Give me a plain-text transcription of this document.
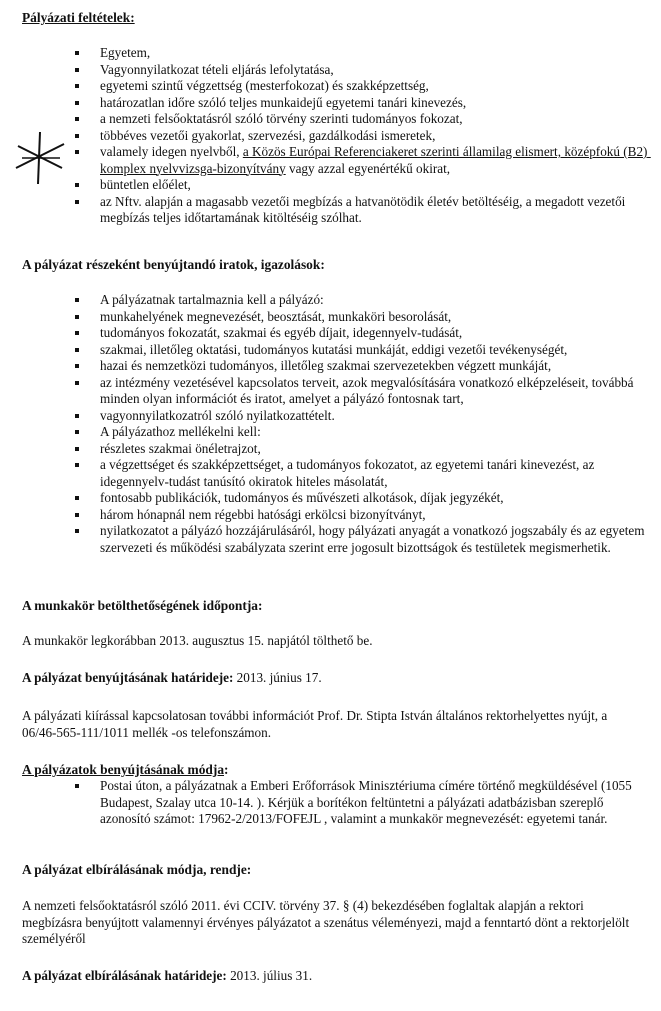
Pályázati feltételek:
Egyetem,
Vagyonnyilatkozat tételi eljárás lefolytatása,
egyetemi szintű végzettség (mesterfokozat) és szakképzettség,
határozatlan időre szóló teljes munkaidejű egyetemi tanári kinevezés,
a nemzeti felsőoktatásról szóló törvény szerinti tudományos fokozat,
többéves vezetői gyakorlat, szervezési, gazdálkodási ismeretek,
valamely idegen nyelvből, a Közös Európai Referenciakeret szerinti államilag elismert, középfokú (B2) komplex nyelvvizsga-bizonyítvány vagy azzal egyenértékű okirat,
büntetlen előélet,
az Nftv. alapján a magasabb vezetői megbízás a hatvanötödik életév betöltéséig, a megadott vezetői megbízás teljes időtartamának kitöltéséig szólhat.
A pályázat részeként benyújtandó iratok, igazolások:
A pályázatnak tartalmaznia kell a pályázó:
munkahelyének megnevezését, beosztását, munkaköri besorolását,
tudományos fokozatát, szakmai és egyéb díjait, idegennyelv-tudását,
szakmai, illetőleg oktatási, tudományos kutatási munkáját, eddigi vezetői tevékenységét,
hazai és nemzetközi tudományos, illetőleg szakmai szervezetekben végzett munkáját,
az intézmény vezetésével kapcsolatos terveit, azok megvalósítására vonatkozó elképzeléseit, továbbá minden olyan információt és iratot, amelyet a pályázó fontosnak tart,
vagyonnyilatkozatról szóló nyilatkozattételt.
A pályázathoz mellékelni kell:
részletes szakmai önéletrajzot,
a végzettséget és szakképzettséget, a tudományos fokozatot, az egyetemi tanári kinevezést, az idegennyelv-tudást tanúsító okiratok hiteles másolatát,
fontosabb publikációk, tudományos és művészeti alkotások, díjak jegyzékét,
három hónapnál nem régebbi hatósági erkölcsi bizonyítványt,
nyilatkozatot a pályázó hozzájárulásáról, hogy pályázati anyagát a vonatkozó jogszabály és az egyetem szervezeti és működési szabályzata szerint erre jogosult bizottságok és testületek megismerhetik.
A munkakör betölthetőségének időpontja:
A munkakör legkorábban 2013. augusztus 15. napjától tölthető be.
A pályázat benyújtásának határideje: 2013. június 17.
A pályázati kiírással kapcsolatosan további információt Prof. Dr. Stipta István általános rektorhelyettes nyújt, a 06/46-565-111/1011 mellék -os telefonszámon.
A pályázatok benyújtásának módja:
Postai úton, a pályázatnak a Emberi Erőforrások Minisztériuma címére történő megküldésével (1055 Budapest, Szalay utca 10-14. ). Kérjük a borítékon feltüntetni a pályázati adatbázisban szereplő azonosító számot: 17962-2/2013/FOFEJL , valamint a munkakör megnevezését: egyetemi tanár.
A pályázat elbírálásának módja, rendje:
A nemzeti felsőoktatásról szóló 2011. évi CCIV. törvény 37. § (4) bekezdésében foglaltak alapján a rektori megbízásra benyújtott valamennyi érvényes pályázatot a szenátus véleményezi, majd a fenntartó dönt a rektorjelölt személyéről
A pályázat elbírálásának határideje: 2013. július 31.
